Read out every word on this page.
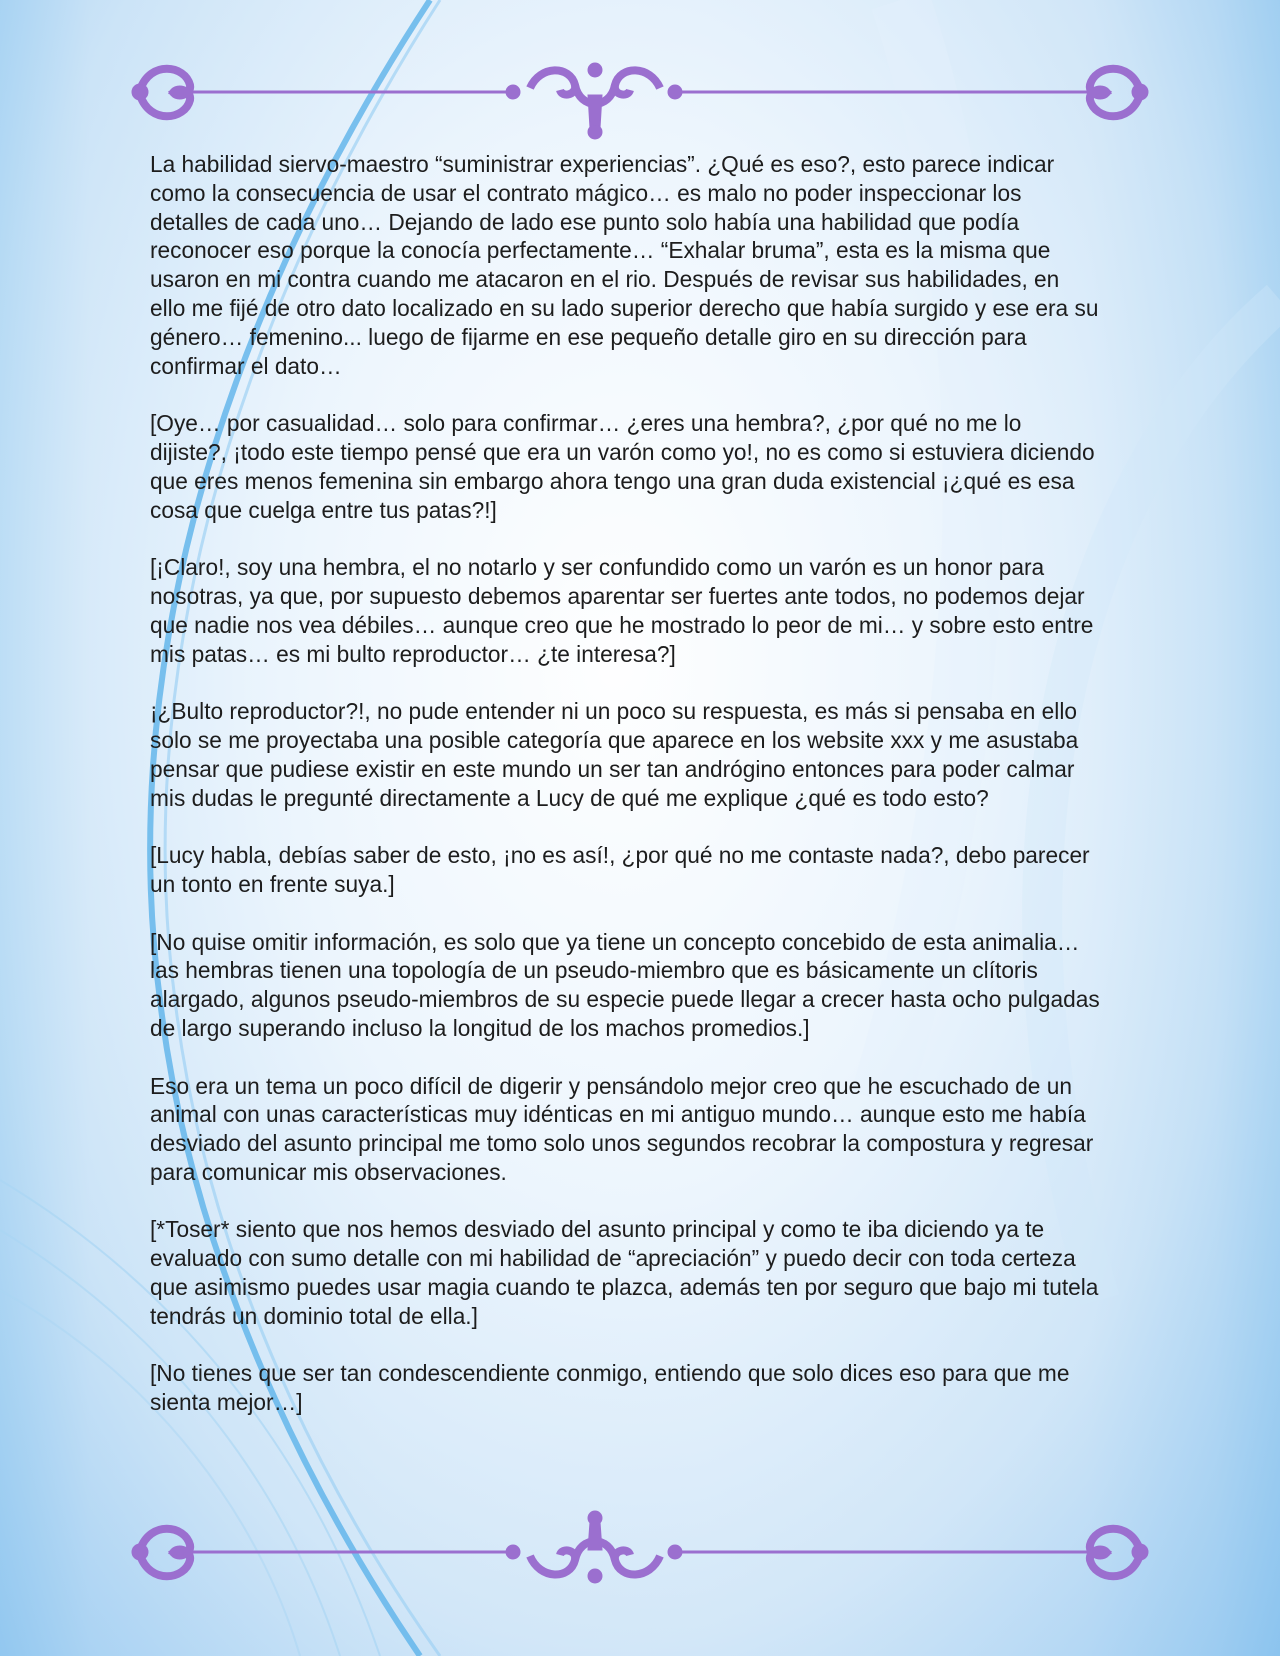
La habilidad siervo-maestro “suministrar experiencias”. ¿Qué es eso?, esto parece indicar como la consecuencia de usar el contrato mágico… es malo no poder inspeccionar los detalles de cada uno… Dejando de lado ese punto solo había una habilidad que podía reconocer eso porque la conocía perfectamente… “Exhalar bruma”, esta es la misma que usaron en mi contra cuando me atacaron en el rio. Después de revisar sus habilidades, en ello me fijé de otro dato localizado en su lado superior derecho que había surgido y ese era su género… femenino... luego de fijarme en ese pequeño detalle giro en su dirección para confirmar el dato…

[Oye… por casualidad… solo para confirmar… ¿eres una hembra?, ¿por qué no me lo dijiste?, ¡todo este tiempo pensé que era un varón como yo!, no es como si estuviera diciendo que eres menos femenina sin embargo ahora tengo una gran duda existencial ¡¿qué es esa cosa que cuelga entre tus patas?!]

[¡Claro!, soy una hembra, el no notarlo y ser confundido como un varón es un honor para nosotras, ya que, por supuesto debemos aparentar ser fuertes ante todos, no podemos dejar que nadie nos vea débiles… aunque creo que he mostrado lo peor de mi… y sobre esto entre mis patas… es mi bulto reproductor… ¿te interesa?]

¡¿Bulto reproductor?!, no pude entender ni un poco su respuesta, es más si pensaba en ello solo se me proyectaba una posible categoría que aparece en los website xxx y me asustaba pensar que pudiese existir en este mundo un ser tan andrógino entonces para poder calmar mis dudas le pregunté directamente a Lucy de qué me explique ¿qué es todo esto?

[Lucy habla, debías saber de esto, ¡no es así!, ¿por qué no me contaste nada?, debo parecer un tonto en frente suya.]

[No quise omitir información, es solo que ya tiene un concepto concebido de esta animalia… las hembras tienen una topología de un pseudo-miembro que es básicamente un clítoris alargado, algunos pseudo-miembros de su especie puede llegar a crecer hasta ocho pulgadas de largo superando incluso la longitud de los machos promedios.]

Eso era un tema un poco difícil de digerir y pensándolo mejor creo que he escuchado de un animal con unas características muy idénticas en mi antiguo mundo… aunque esto me había desviado del asunto principal me tomo solo unos segundos recobrar la compostura y regresar para comunicar mis observaciones.

[*Toser* siento que nos hemos desviado del asunto principal y como te iba diciendo ya te evaluado con sumo detalle con mi habilidad de “apreciación” y puedo decir con toda certeza que asimismo puedes usar magia cuando te plazca, además ten por seguro que bajo mi tutela tendrás un dominio total de ella.]

[No tienes que ser tan condescendiente conmigo, entiendo que solo dices eso para que me sienta mejor…]
